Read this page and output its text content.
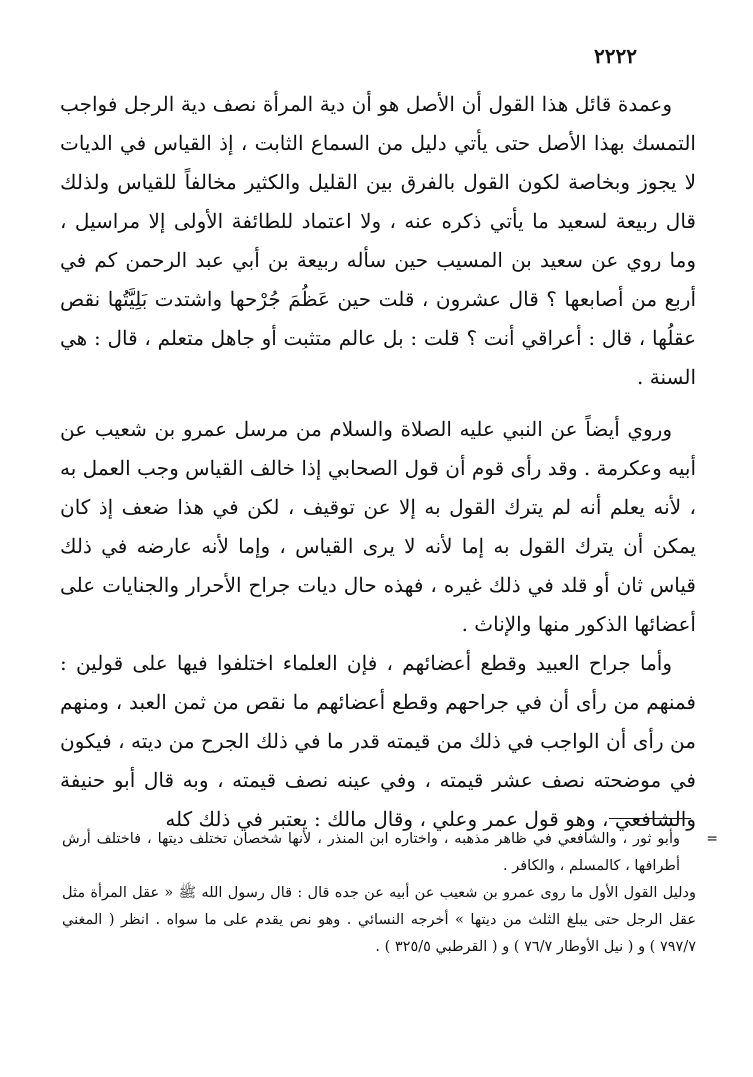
٢٢٢٢

وعمدة قائل هذا القول أن الأصل هو أن دية المرأة نصف دية الرجل فواجب التمسك بهذا الأصل حتى يأتي دليل من السماع الثابت ، إذ القياس في الديات لا يجوز وبخاصة لكون القول بالفرق بين القليل والكثير مخالفاً للقياس ولذلك قال ربيعة لسعيد ما يأتي ذكره عنه ، ولا اعتماد للطائفة الأولى إلا مراسيل ، وما روي عن سعيد بن المسيب حين سأله ربيعة بن أبي عبد الرحمن كم في أربع من أصابعها ؟ قال عشرون ، قلت حين عَظُمَ جُرْحها واشتدت بَلِيَّتُها نقص عقلُها ، قال : أعراقي أنت ؟ قلت : بل عالم متثبت أو جاهل متعلم ، قال : هي السنة .

وروي أيضاً عن النبي عليه الصلاة والسلام من مرسل عمرو بن شعيب عن أبيه وعكرمة . وقد رأى قوم أن قول الصحابي إذا خالف القياس وجب العمل به ، لأنه يعلم أنه لم يترك القول به إلا عن توقيف ، لكن في هذا ضعف إذ كان يمكن أن يترك القول به إما لأنه لا يرى القياس ، وإما لأنه عارضه في ذلك قياس ثان أو قلد في ذلك غيره ، فهذه حال ديات جراح الأحرار والجنايات على أعضائها الذكور منها والإناث .

وأما جراح العبيد وقطع أعضائهم ، فإن العلماء اختلفوا فيها على قولين : فمنهم من رأى أن في جراحهم وقطع أعضائهم ما نقص من ثمن العبد ، ومنهم من رأى أن الواجب في ذلك من قيمته قدر ما في ذلك الجرح من ديته ، فيكون في موضحته نصف عشر قيمته ، وفي عينه نصف قيمته ، وبه قال أبو حنيفة والشافعي ، وهو قول عمر وعلي ، وقال مالك : يعتبر في ذلك كله

=
وأبو ثور ، والشافعي في ظاهر مذهبه ، واختاره ابن المنذر ، لأنها شخصان تختلف ديتها ، فاختلف أرش أطرافها ، كالمسلم ، والكافر .

ودليل القول الأول ما روى عمرو بن شعيب عن أبيه عن جده قال : قال رسول الله ﷺ « عقل المرأة مثل عقل الرجل حتى يبلغ الثلث من ديتها » أخرجه النسائي . وهو نص يقدم على ما سواه . انظر ( المغني ٧٩٧/٧ ) و ( نيل الأوطار ٧٦/٧ ) و ( القرطبي ٣٢٥/٥ ) .
